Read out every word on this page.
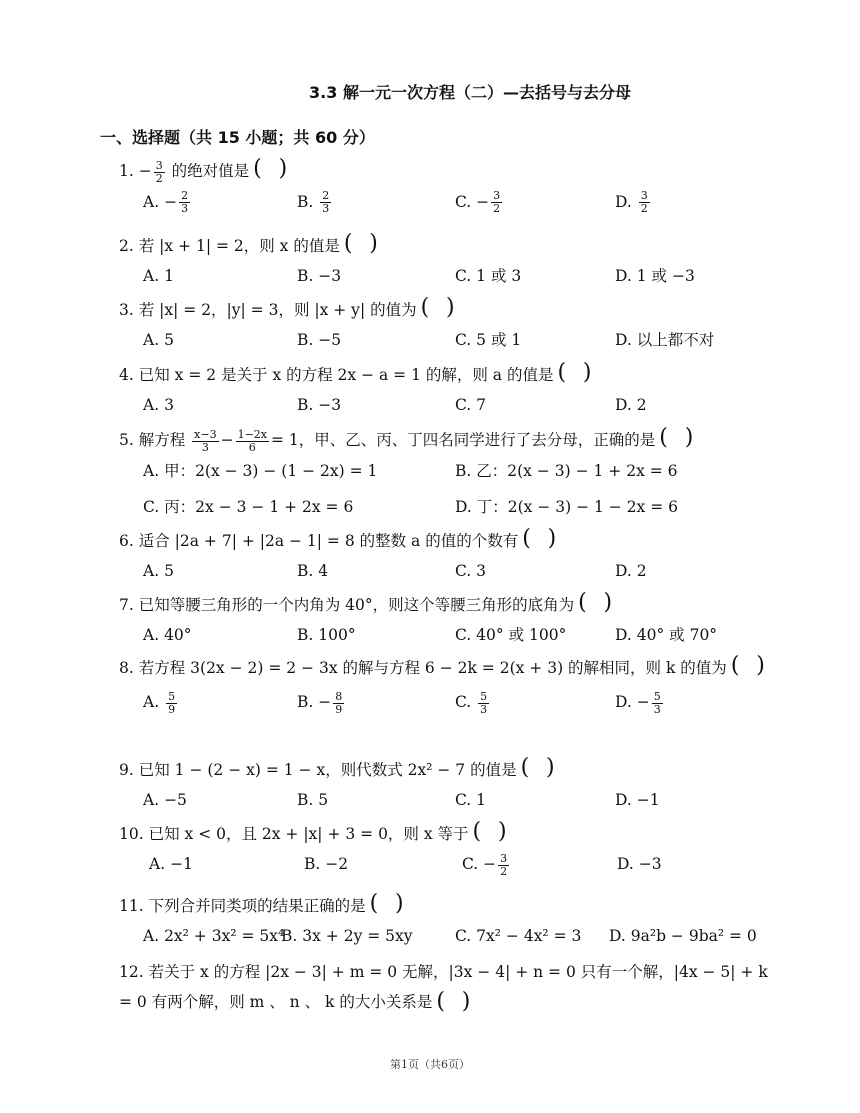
3.3 解一元一次方程（二）—去括号与去分母
一、选择题（共 15 小题；共 60 分）
1. − $\frac{3}{2}$ 的绝对值是( )
A. − $\frac{2}{3}$	B. $\frac{2}{3}$	C. − $\frac{3}{2}$	D. $\frac{3}{2}$
2. 若 |x + 1| = 2，则 x 的值是( )
A. 1	B. −3	C. 1 或 3	D. 1 或 −3
3. 若 |x| = 2，|y| = 3，则 |x + y| 的值为( )
A. 5	B. −5	C. 5 或 1	D. 以上都不对
4. 已知 x = 2 是关于 x 的方程 2x − a = 1 的解，则 a 的值是( )
A. 3	B. −3	C. 7	D. 2
5. 解方程 $\frac{x-3}{3} - \frac{1-2x}{6} = 1$，甲、乙、丙、丁四名同学进行了去分母，正确的是( )
A. 甲：2(x − 3) − (1 − 2x) = 1	B. 乙：2(x − 3) − 1 + 2x = 6
C. 丙：2x − 3 − 1 + 2x = 6	D. 丁：2(x − 3) − 1 − 2x = 6
6. 适合 |2a + 7| + |2a − 1| = 8 的整数 a 的值的个数有( )
A. 5	B. 4	C. 3	D. 2
7. 已知等腰三角形的一个内角为 40°，则这个等腰三角形的底角为( )
A. 40°	B. 100°	C. 40° 或 100°	D. 40° 或 70°
8. 若方程 3(2x − 2) = 2 − 3x 的解与方程 6 − 2k = 2(x + 3) 的解相同，则 k 的值为( )
A. $\frac{5}{9}$	B. − $\frac{8}{9}$	C. $\frac{5}{3}$	D. − $\frac{5}{3}$
9. 已知 1 − (2 − x) = 1 − x，则代数式 2x² − 7 的值是( )
A. −5	B. 5	C. 1	D. −1
10. 已知 x < 0，且 2x + |x| + 3 = 0，则 x 等于( )
A. −1	B. −2	C. − $\frac{3}{2}$	D. −3
11. 下列合并同类项的结果正确的是( )
A. 2x² + 3x² = 5x⁴
B. 3x + 2y = 5xy	C. 7x² − 4x² = 3 D. 9a²b − 9ba² = 0
12. 若关于 x 的方程 |2x − 3| + m = 0 无解，|3x − 4| + n = 0 只有一个解，|4x − 5| + k = 0 有两个解，则 m 、 n 、 k 的大小关系是( )
第1页（共6页）
